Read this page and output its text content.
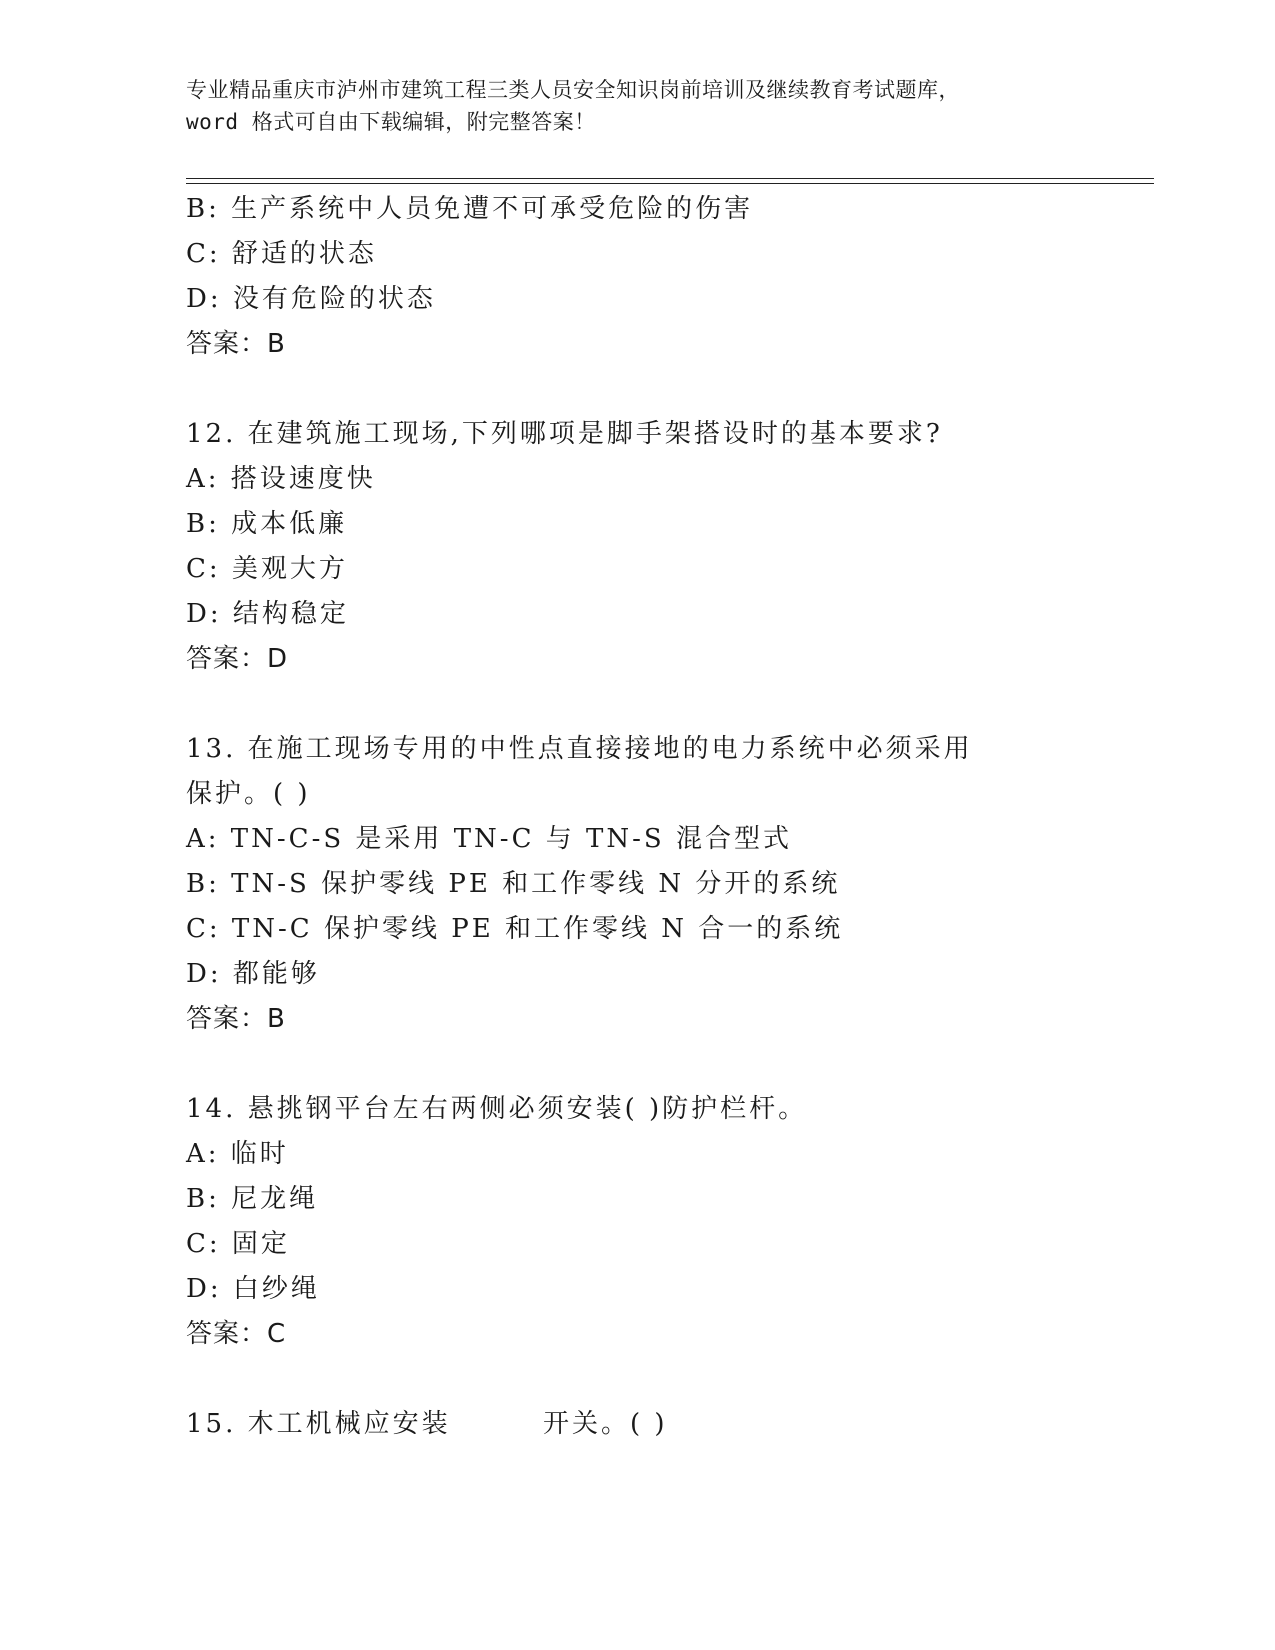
专业精品重庆市泸州市建筑工程三类人员安全知识岗前培训及继续教育考试题库，
word 格式可自由下载编辑，附完整答案！
B: 生产系统中人员免遭不可承受危险的伤害
C: 舒适的状态
D: 没有危险的状态
答案：B
12. 在建筑施工现场,下列哪项是脚手架搭设时的基本要求?
A: 搭设速度快
B: 成本低廉
C: 美观大方
D: 结构稳定
答案：D
13. 在施工现场专用的中性点直接接地的电力系统中必须采用
保护。( )
A: TN-C-S 是采用 TN-C 与 TN-S 混合型式
B: TN-S 保护零线 PE 和工作零线 N 分开的系统
C: TN-C 保护零线 PE 和工作零线 N 合一的系统
D: 都能够
答案：B
14. 悬挑钢平台左右两侧必须安装( )防护栏杆。
A: 临时
B: 尼龙绳
C: 固定
D: 白纱绳
答案：C
15. 木工机械应安装	开关。( )
